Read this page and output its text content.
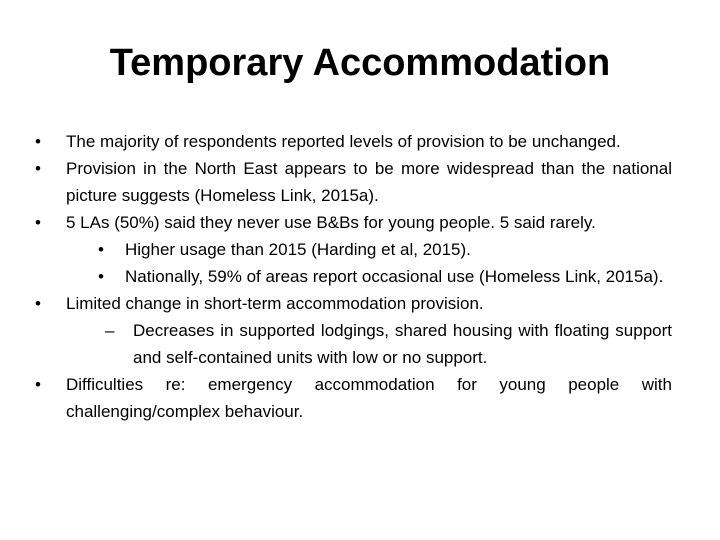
Temporary Accommodation
•	The majority of respondents reported levels of provision to be unchanged.
•	Provision in the North East appears to be more widespread than the national picture suggests (Homeless Link, 2015a).
•	5 LAs (50%) said they never use B&Bs for young people. 5 said rarely.
•	Higher usage than 2015 (Harding et al, 2015).
•	Nationally, 59% of areas report occasional use (Homeless Link, 2015a).
•	Limited change in short-term accommodation provision.
–	Decreases in supported lodgings, shared housing with floating support and self-contained units with low or no support.
•	Difficulties re: emergency accommodation for young people with challenging/complex behaviour.
